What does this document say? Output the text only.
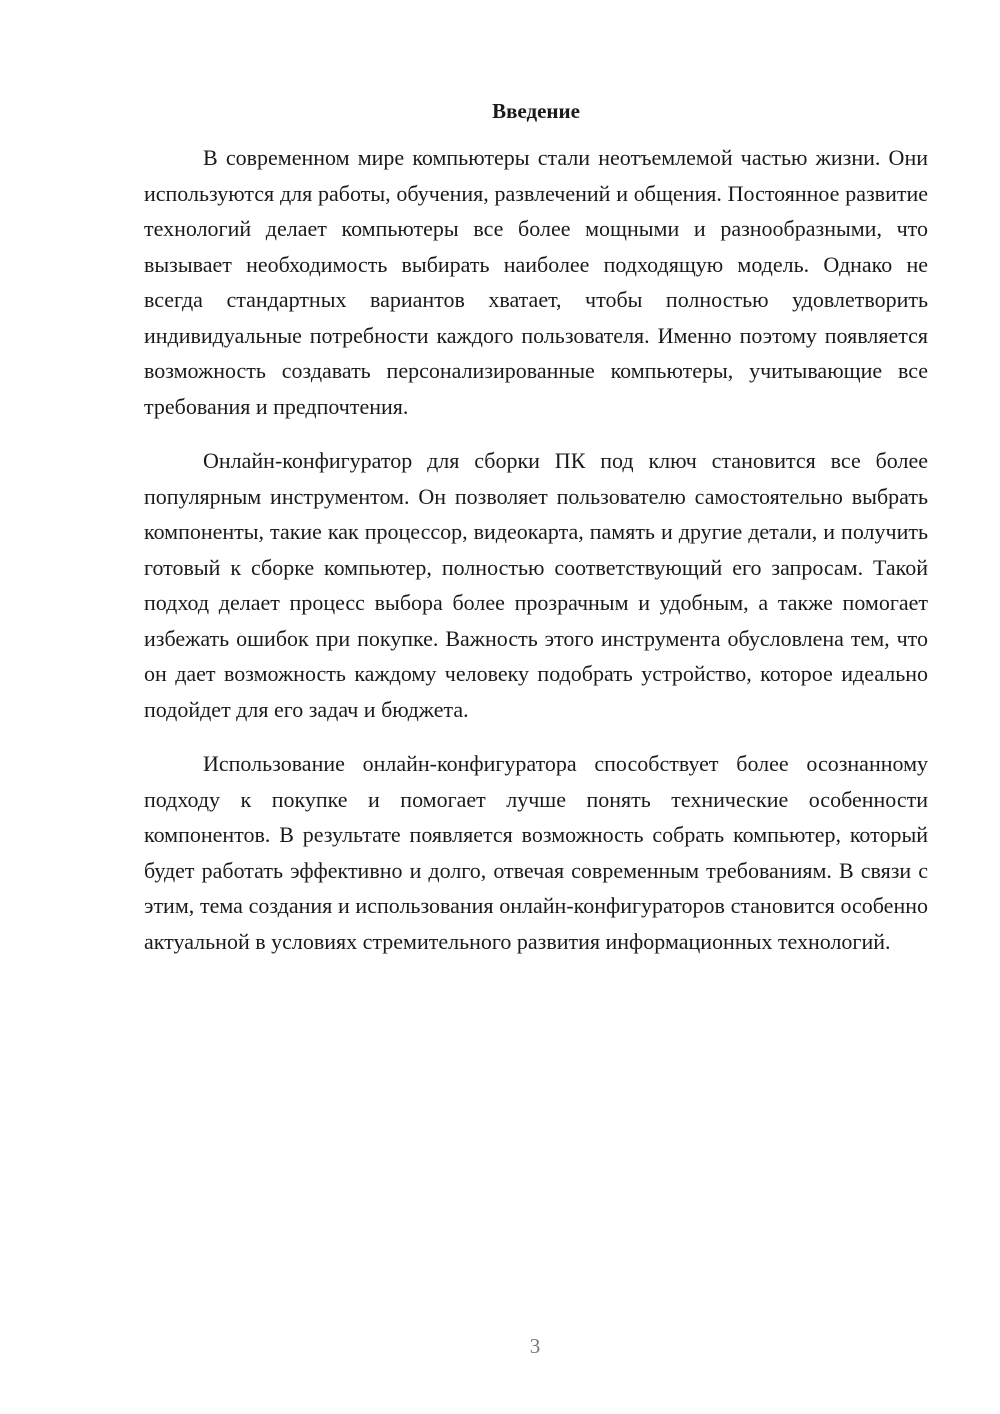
Введение

В современном мире компьютеры стали неотъемлемой частью жизни. Они используются для работы, обучения, развлечений и общения. Постоянное развитие технологий делает компьютеры все более мощными и разнообразными, что вызывает необходимость выбирать наиболее подходящую модель. Однако не всегда стандартных вариантов хватает, чтобы полностью удовлетворить индивидуальные потребности каждого пользователя. Именно поэтому появляется возможность создавать персонализированные компьютеры, учитывающие все требования и предпочтения.

Онлайн-конфигуратор для сборки ПК под ключ становится все более популярным инструментом. Он позволяет пользователю самостоятельно выбрать компоненты, такие как процессор, видеокарта, память и другие детали, и получить готовый к сборке компьютер, полностью соответствующий его запросам. Такой подход делает процесс выбора более прозрачным и удобным, а также помогает избежать ошибок при покупке. Важность этого инструмента обусловлена тем, что он дает возможность каждому человеку подобрать устройство, которое идеально подойдет для его задач и бюджета.

Использование онлайн-конфигуратора способствует более осознанному подходу к покупке и помогает лучше понять технические особенности компонентов. В результате появляется возможность собрать компьютер, который будет работать эффективно и долго, отвечая современным требованиям. В связи с этим, тема создания и использования онлайн-конфигураторов становится особенно актуальной в условиях стремительного развития информационных технологий.

3
